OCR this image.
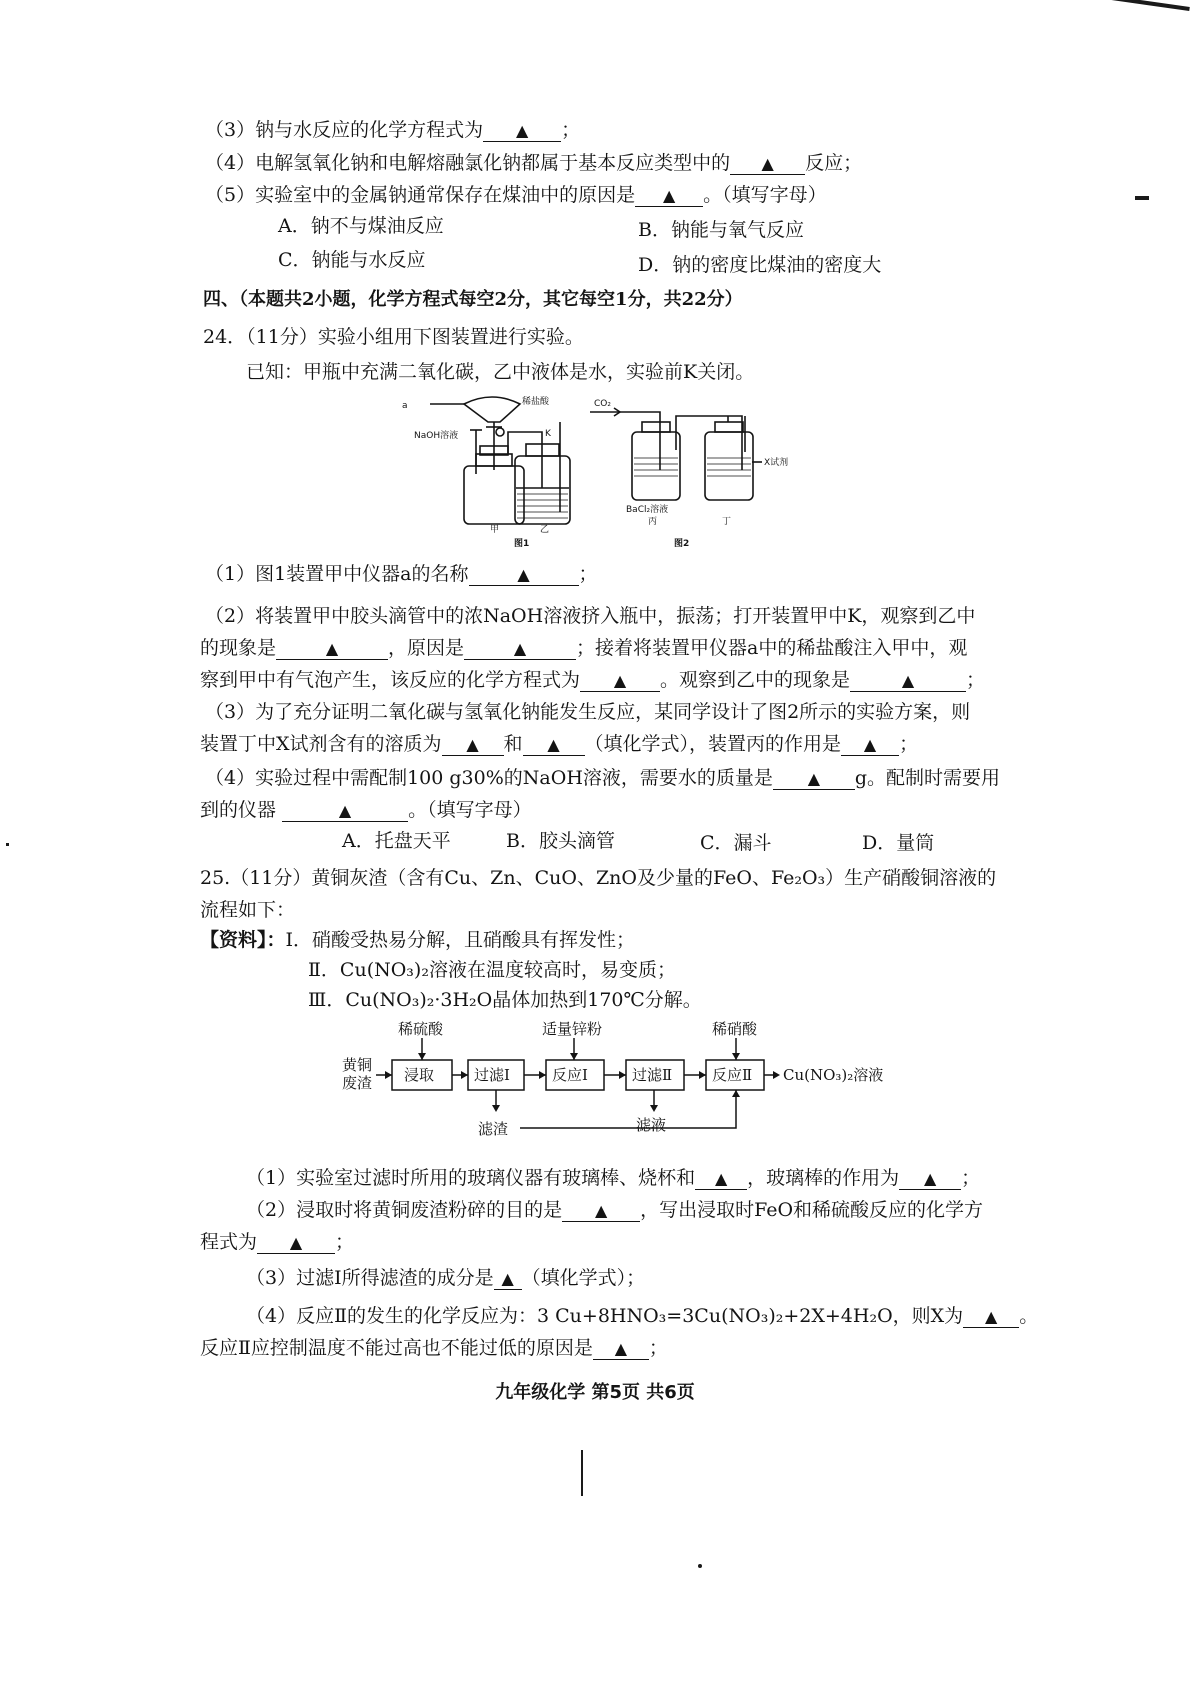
（3）钠与水反应的化学方程式为 ▲ ；
（4）电解氢氧化钠和电解熔融氯化钠都属于基本反应类型中的 ▲ 反应；
（5）实验室中的金属钠通常保存在煤油中的原因是 ▲ 。（填写字母）
A．钠不与煤油反应	B．钠能与氧气反应
C．钠能与水反应	D．钠的密度比煤油的密度大
四、（本题共2小题，化学方程式每空2分，其它每空1分，共22分）
24．（11分）实验小组用下图装置进行实验。
已知：甲瓶中充满二氧化碳，乙中液体是水，实验前K关闭。
a	稀盐酸
NaOH溶液	K
甲	乙
图1
CO₂
X试剂
BaCl₂溶液
丙	丁
图2
（1）图1装置甲中仪器a的名称	▲	；
（2）将装置甲中胶头滴管中的浓NaOH溶液挤入瓶中，振荡；打开装置甲中K，观察到乙中
的现象是	▲	，原因是	▲	；接着将装置甲仪器a中的稀盐酸注入甲中，观
察到甲中有气泡产生，该反应的化学方程式为 ▲ 。观察到乙中的现象是	▲	；
（3）为了充分证明二氧化碳与氢氧化钠能发生反应，某同学设计了图2所示的实验方案，则
装置丁中X试剂含有的溶质为 ▲ 和 ▲ （填化学式），装置丙的作用是 ▲ ；
（4）实验过程中需配制100 g30%的NaOH溶液，需要水的质量是 ▲ g。配制时需要用
到的仪器	▲	。（填写字母）
A．托盘天平	B．胶头滴管	C．漏斗	D．量筒
25.（11分）黄铜灰渣（含有Cu、Zn、CuO、ZnO及少量的FeO、Fe₂O₃）生产硝酸铜溶液的
流程如下：
【资料】：Ⅰ．硝酸受热易分解，且硝酸具有挥发性；
Ⅱ．Cu(NO₃)₂溶液在温度较高时，易变质；
Ⅲ．Cu(NO₃)₂·3H₂O晶体加热到170℃分解。
稀硫酸	适量锌粉	稀硝酸
黄铜
废渣 浸取	过滤Ⅰ	反应Ⅰ	过滤Ⅱ	反应Ⅱ Cu(NO₃)₂溶液
滤渣	滤液
（1）实验室过滤时所用的玻璃仪器有玻璃棒、烧杯和 ▲ ，玻璃棒的作用为 ▲ ；
（2）浸取时将黄铜废渣粉碎的目的是 ▲ ，写出浸取时FeO和稀硫酸反应的化学方
程式为 ▲ ；
（3）过滤Ⅰ所得滤渣的成分是 ▲ （填化学式）；
（4）反应Ⅱ的发生的化学反应为：3 Cu+8HNO₃=3Cu(NO₃)₂+2X+4H₂O，则X为 ▲ 。
反应Ⅱ应控制温度不能过高也不能过低的原因是 ▲ ；
九年级化学 第5页 共6页
